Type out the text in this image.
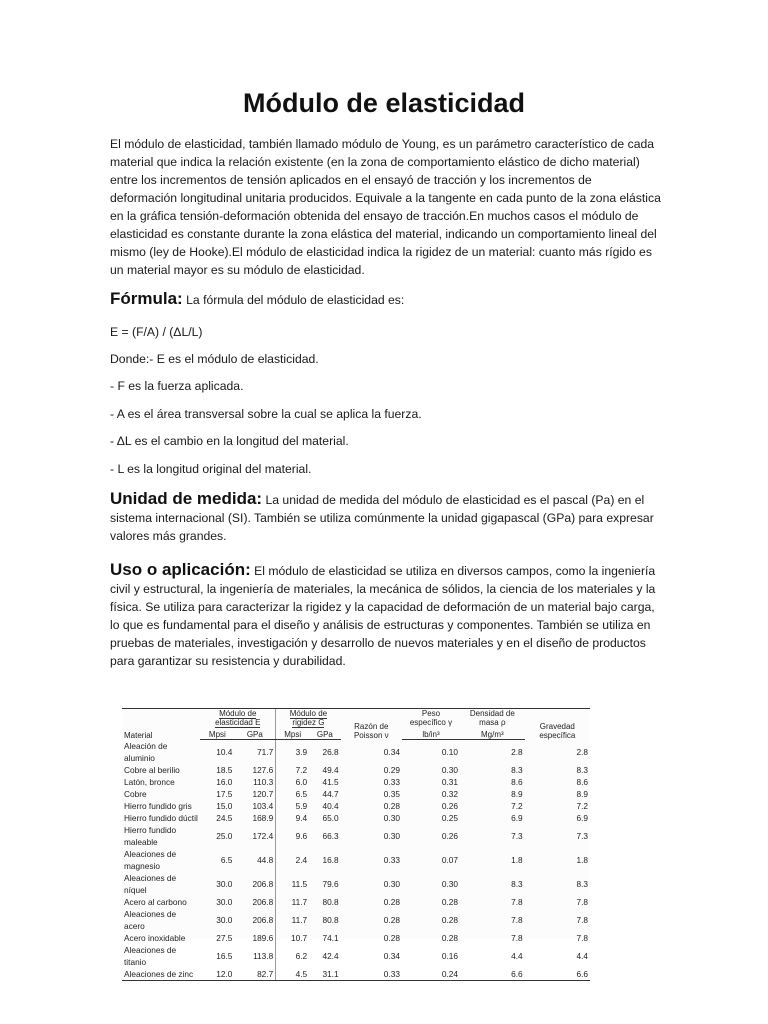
Módulo de elasticidad

El módulo de elasticidad, también llamado módulo de Young, es un parámetro característico de cada material que indica la relación existente (en la zona de comportamiento elástico de dicho material) entre los incrementos de tensión aplicados en el ensayó de tracción y los incrementos de deformación longitudinal unitaria producidos. Equivale a la tangente en cada punto de la zona elástica en la gráfica tensión-deformación obtenida del ensayo de tracción.En muchos casos el módulo de elasticidad es constante durante la zona elástica del material, indicando un comportamiento lineal del mismo (ley de Hooke).El módulo de elasticidad indica la rigidez de un material: cuanto más rígido es un material mayor es su módulo de elasticidad.

Fórmula: La fórmula del módulo de elasticidad es:

E = (F/A) / (ΔL/L)

Donde:- E es el módulo de elasticidad.

- F es la fuerza aplicada.

- A es el área transversal sobre la cual se aplica la fuerza.

- ΔL es el cambio en la longitud del material.

- L es la longitud original del material.

Unidad de medida: La unidad de medida del módulo de elasticidad es el pascal (Pa) en el sistema internacional (SI). También se utiliza comúnmente la unidad gigapascal (GPa) para expresar valores más grandes.

Uso o aplicación: El módulo de elasticidad se utiliza en diversos campos, como la ingeniería civil y estructural, la ingeniería de materiales, la mecánica de sólidos, la ciencia de los materiales y la física. Se utiliza para caracterizar la rigidez y la capacidad de deformación de un material bajo carga, lo que es fundamental para el diseño y análisis de estructuras y componentes. También se utiliza en pruebas de materiales, investigación y desarrollo de nuevos materiales y en el diseño de productos para garantizar su resistencia y durabilidad.

Material	Módulo de elasticidad E		Módulo de rigidez G		Razón de Poisson ν	Peso específico γ	Densidad de masa ρ	Gravedad específica
	Mpsi	GPa	Mpsi	GPa		lb/in³	Mg/m³	
Aleación de aluminio	10.4	71.7	3.9	26.8	0.34	0.10	2.8	2.8
Cobre al berilio	18.5	127.6	7.2	49.4	0.29	0.30	8.3	8.3
Latón, bronce	16.0	110.3	6.0	41.5	0.33	0.31	8.6	8.6
Cobre	17.5	120.7	6.5	44.7	0.35	0.32	8.9	8.9
Hierro fundido gris	15.0	103.4	5.9	40.4	0.28	0.26	7.2	7.2
Hierro fundido dúctil	24.5	168.9	9.4	65.0	0.30	0.25	6.9	6.9
Hierro fundido maleable	25.0	172.4	9.6	66.3	0.30	0.26	7.3	7.3
Aleaciones de magnesio	6.5	44.8	2.4	16.8	0.33	0.07	1.8	1.8
Aleaciones de níquel	30.0	206.8	11.5	79.6	0.30	0.30	8.3	8.3
Acero al carbono	30.0	206.8	11.7	80.8	0.28	0.28	7.8	7.8
Aleaciones de acero	30.0	206.8	11.7	80.8	0.28	0.28	7.8	7.8
Acero inoxidable	27.5	189.6	10.7	74.1	0.28	0.28	7.8	7.8
Aleaciones de titanio	16.5	113.8	6.2	42.4	0.34	0.16	4.4	4.4
Aleaciones de zinc	12.0	82.7	4.5	31.1	0.33	0.24	6.6	6.6
